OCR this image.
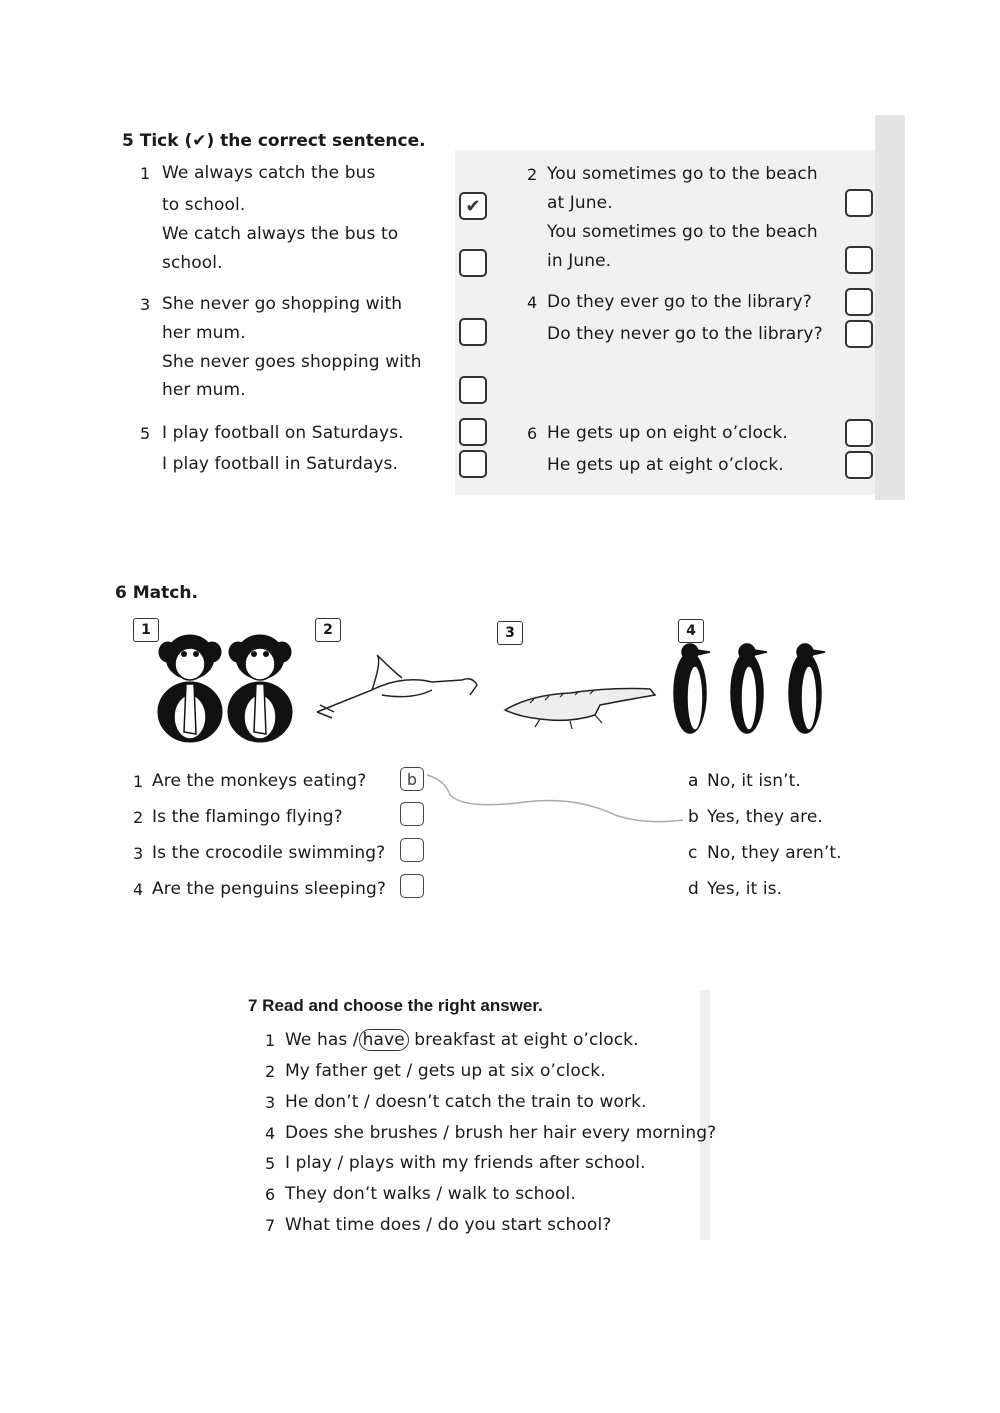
5 Tick (✔) the correct sentence.
1 We always catch the bus
to school.	✔
We catch always the bus to
school.
2 You sometimes go to the beach
at June.
You sometimes go to the beach
in June.
3 She never go shopping with
her mum.
She never goes shopping with
her mum.
4 Do they ever go to the library?
Do they never go to the library?
5 I play football on Saturdays.
I play football in Saturdays.
6 He gets up on eight o’clock.
He gets up at eight o’clock.
6 Match.
1	2	3	4
1 Are the monkeys eating?	b
2 Is the flamingo flying?
3 Is the crocodile swimming?
4 Are the penguins sleeping?
a No, it isn’t.
b Yes, they are.
c No, they aren’t.
d Yes, it is.
7 Read and choose the right answer.
1 We has / have breakfast at eight o’clock.
2 My father get / gets up at six o’clock.
3 He don’t / doesn’t catch the train to work.
4 Does she brushes / brush her hair every morning?
5 I play / plays with my friends after school.
6 They don’t walks / walk to school.
7 What time does / do you start school?
